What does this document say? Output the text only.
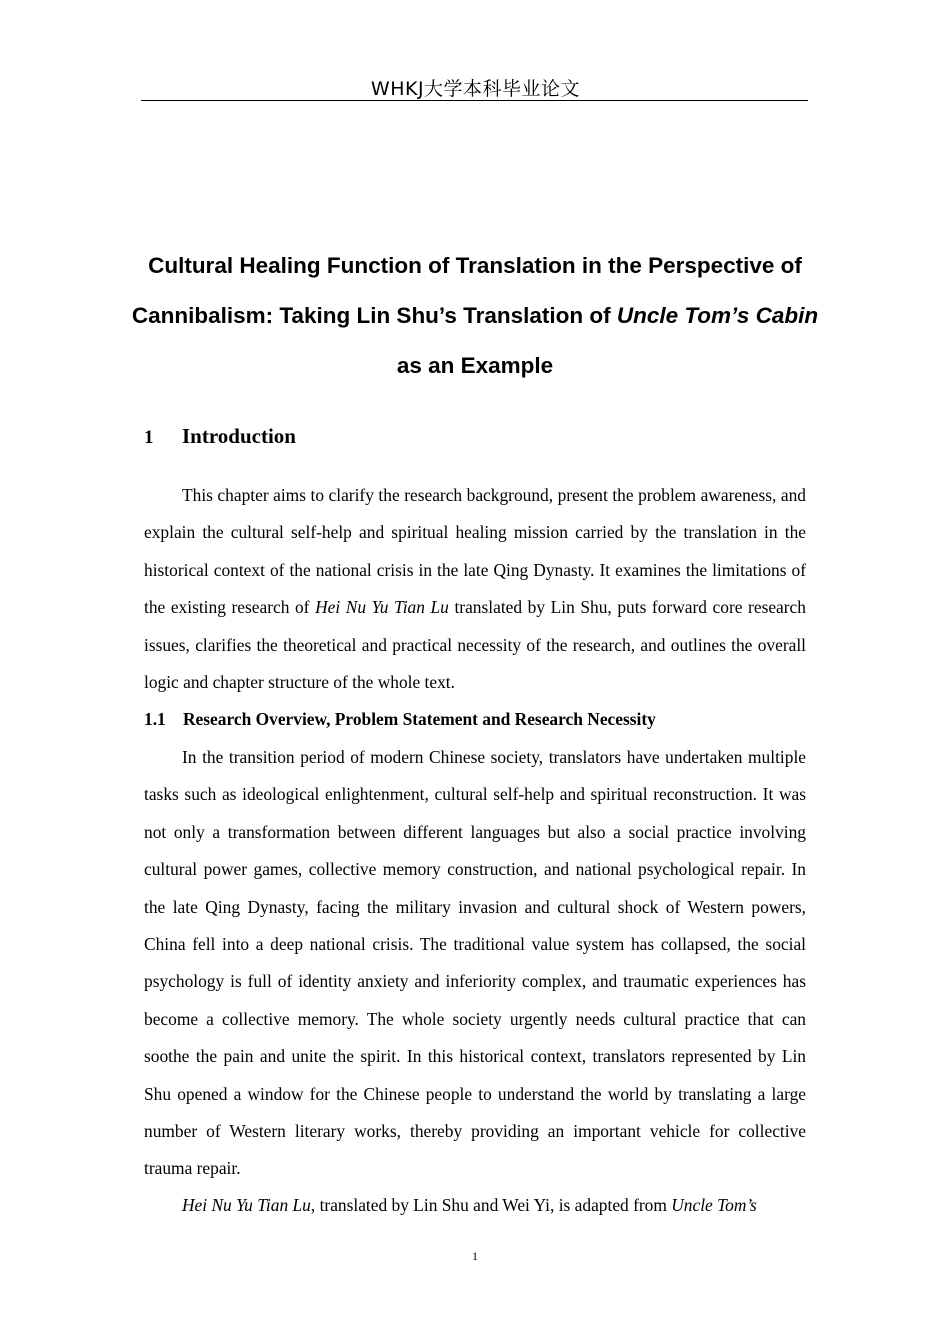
WHKJ大学本科毕业论文
Cultural Healing Function of Translation in the Perspective of Cannibalism: Taking Lin Shu’s Translation of Uncle Tom’s Cabin as an Example
1 Introduction

This chapter aims to clarify the research background, present the problem awareness, and explain the cultural self-help and spiritual healing mission carried by the translation in the historical context of the national crisis in the late Qing Dynasty. It examines the limitations of the existing research of Hei Nu Yu Tian Lu translated by Lin Shu, puts forward core research issues, clarifies the theoretical and practical necessity of the research, and outlines the overall logic and chapter structure of the whole text.

1.1 Research Overview, Problem Statement and Research Necessity

In the transition period of modern Chinese society, translators have undertaken multiple tasks such as ideological enlightenment, cultural self-help and spiritual reconstruction. It was not only a transformation between different languages but also a social practice involving cultural power games, collective memory construction, and national psychological repair. In the late Qing Dynasty, facing the military invasion and cultural shock of Western powers, China fell into a deep national crisis. The traditional value system has collapsed, the social psychology is full of identity anxiety and inferiority complex, and traumatic experiences has become a collective memory. The whole society urgently needs cultural practice that can soothe the pain and unite the spirit. In this historical context, translators represented by Lin Shu opened a window for the Chinese people to understand the world by translating a large number of Western literary works, thereby providing an important vehicle for collective trauma repair.

Hei Nu Yu Tian Lu, translated by Lin Shu and Wei Yi, is adapted from Uncle Tom’s

1
